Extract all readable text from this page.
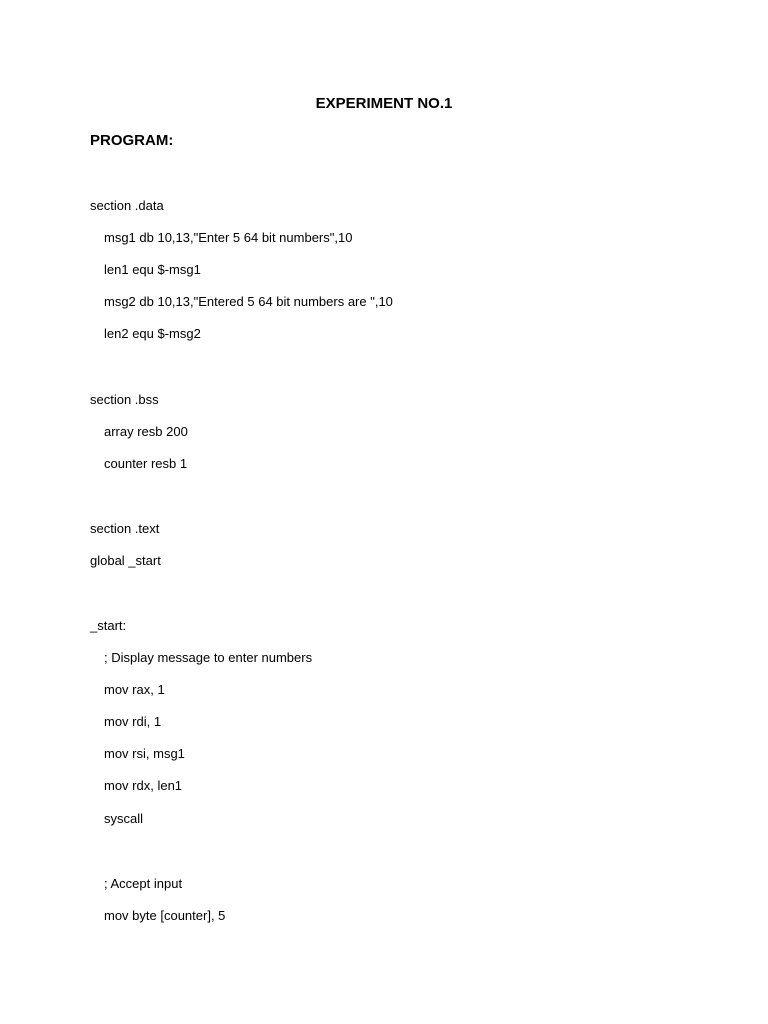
EXPERIMENT NO.1
PROGRAM:
section .data
msg1 db 10,13,"Enter 5 64 bit numbers",10
len1 equ $-msg1
msg2 db 10,13,"Entered 5 64 bit numbers are ",10
len2 equ $-msg2
section .bss
array resb 200
counter resb 1
section .text
global _start
_start:
; Display message to enter numbers
mov rax, 1
mov rdi, 1
mov rsi, msg1
mov rdx, len1
syscall
; Accept input
mov byte [counter], 5
